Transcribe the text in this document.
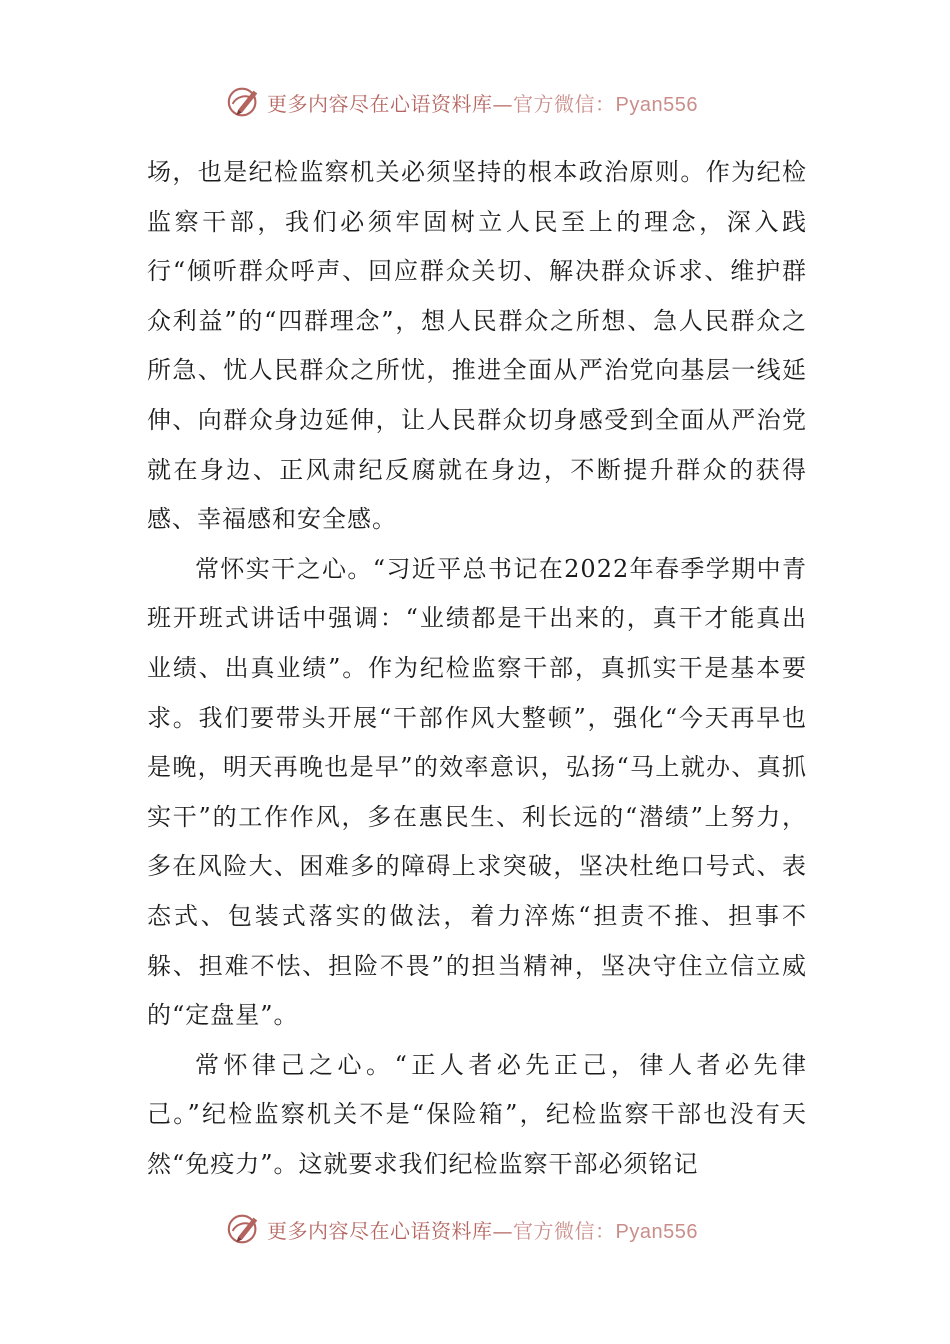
更多内容尽在心语资料库—官方微信：Pyan556

场，也是纪检监察机关必须坚持的根本政治原则。作为纪检监察干部，我们必须牢固树立人民至上的理念，深入践行“倾听群众呼声、回应群众关切、解决群众诉求、维护群众利益”的“四群理念”，想人民群众之所想、急人民群众之所急、忧人民群众之所忧，推进全面从严治党向基层一线延伸、向群众身边延伸，让人民群众切身感受到全面从严治党就在身边、正风肃纪反腐就在身边，不断提升群众的获得感、幸福感和安全感。

常怀实干之心。“习近平总书记在2022年春季学期中青班开班式讲话中强调：“业绩都是干出来的，真干才能真出业绩、出真业绩”。作为纪检监察干部，真抓实干是基本要求。我们要带头开展“干部作风大整顿”，强化“今天再早也是晚，明天再晚也是早”的效率意识，弘扬“马上就办、真抓实干”的工作作风，多在惠民生、利长远的“潜绩”上努力，多在风险大、困难多的障碍上求突破，坚决杜绝口号式、表态式、包装式落实的做法，着力淬炼“担责不推、担事不躲、担难不怯、担险不畏”的担当精神，坚决守住立信立威的“定盘星”。

常怀律己之心。“正人者必先正己，律人者必先律己。”纪检监察机关不是“保险箱”，纪检监察干部也没有天然“免疫力”。这就要求我们纪检监察干部必须铭记

更多内容尽在心语资料库—官方微信：Pyan556
